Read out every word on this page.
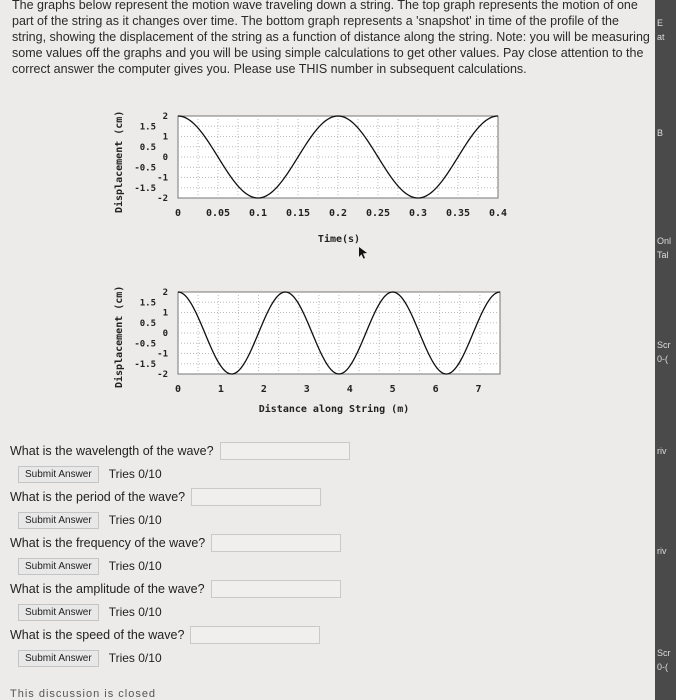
The graphs below represent the motion wave traveling down a string. The top graph represents the motion of one part of the string as it changes over time. The bottom graph represents a 'snapshot' in time of the profile of the string, showing the displacement of the string as a function of distance along the string. Note: you will be measuring some values off the graphs and you will be using simple calculations to get other values. Pay close attention to the correct answer the computer gives you. Please use THIS number in subsequent calculations.

Displacement (cm)	2
1.5
1
0.5
0
-0.5
-1
-1.5
-2
0 0.05 0.1 0.15 0.2 0.25 0.3 0.35 0.4
Time(s)
Displacement (cm)	2
1.5
1
0.5
0
-0.5
-1
-1.5
-2
0	1	2	3	4	5	6	7
Distance along String (m)
What is the wavelength of the wave?
Submit Answer	Tries 0/10
What is the period of the wave?
Submit Answer	Tries 0/10
What is the frequency of the wave?
Submit Answer	Tries 0/10
What is the amplitude of the wave?
Submit Answer	Tries 0/10
What is the speed of the wave?
Submit Answer	Tries 0/10
This discussion is closed
E
at
B
Onl
Tal
Scr
0-(
riv
riv
Scr
0-(
